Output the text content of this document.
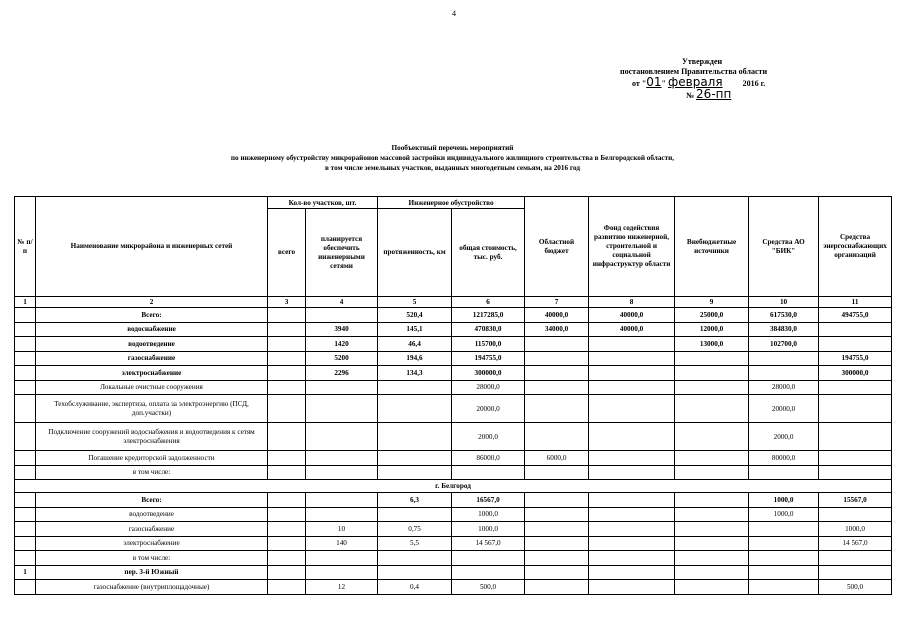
4
Утвержден
постановлением Правительства области
от "01" февраля	2016 г.
№ 26-пп
Пообъектный перечень мероприятий
по инженерному обустройству микрорайонов массовой застройки индивидуального жилищного строительства в Белгородской области,
в том числе земельных участков, выданных многодетным семьям, на 2016 год
№ п/п	Наименование микрорайона и инженерных сетей	Кол-во участков, шт.		Инженерное обустройство		Областной бюджет	Фонд содействия развитию инженерной, строительной и социальной инфраструктур области	Внебюджетные источники	Средства АО "БИК"	Средства энергоснабжающих организаций
		всего	планируется обеспечить инженерными сетями	протяженность, км	общая стоимость, тыс. руб.					
1	2	3	4	5	6	7	8	9	10	11
	Всего:			520,4	1217285,0	40000,0	40000,0	25000,0	617530,0	494755,0
	водоснабжение		3940	145,1	470830,0	34000,0	40000,0	12000,0	384830,0	
	водоотведение		1420	46,4	115700,0			13000,0	102700,0	
	газоснабжение		5200	194,6	194755,0					194755,0
	электроснабжение		2296	134,3	300000,0					300000,0
	Локальные очистные сооружения				28000,0				28000,0	
	Техобслуживание, экспертиза, оплата за электроэнергию (ПСД, доп.участки)				20000,0				20000,0	
	Подключение сооружений водоснабжения и водоотведения к сетям электроснабжения				2000,0				2000,0	
	Погашение кредиторской задолженности				86000,0	6000,0			80000,0	
	в том числе:									
г. Белгород										
	Всего:			6,3	16567,0				1000,0	15567,0
	водоотведение				1000,0				1000,0	
	газоснабжение		10	0,75	1000,0					1000,0
	электроснабжение		140	5,5	14 567,0					14 567,0
	в том числе:									
1	пер. 3-й Южный									
	газоснабжение (внутриплощадочные)		12	0,4	500,0					500,0
